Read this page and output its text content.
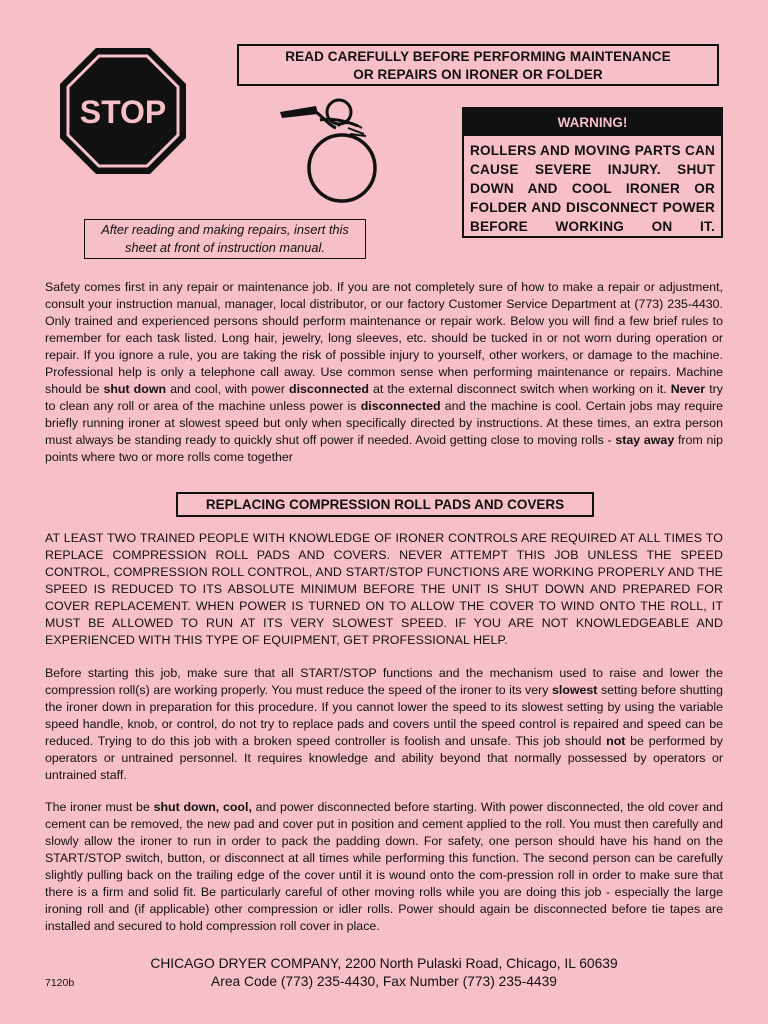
STOP
READ CAREFULLY BEFORE PERFORMING MAINTENANCE
OR REPAIRS ON IRONER OR FOLDER
WARNING!
ROLLERS AND MOVING PARTS CAN CAUSE SEVERE INJURY. SHUT DOWN AND COOL IRONER OR FOLDER AND DISCONNECT POWER BEFORE WORKING ON IT.
After reading and making repairs, insert this
sheet at front of instruction manual.

Safety comes first in any repair or maintenance job. If you are not completely sure of how to make a repair or adjustment, consult your instruction manual, manager, local distributor, or our factory Customer Service Department at (773) 235-4430. Only trained and experienced persons should perform maintenance or repair work. Below you will find a few brief rules to remember for each task listed. Long hair, jewelry, long sleeves, etc. should be tucked in or not worn during operation or repair. If you ignore a rule, you are taking the risk of possible injury to yourself, other workers, or damage to the machine. Professional help is only a telephone call away. Use common sense when performing maintenance or repairs. Machine should be shut down and cool, with power disconnected at the external disconnect switch when working on it. Never try to clean any roll or area of the machine unless power is disconnected and the machine is cool. Certain jobs may require briefly running ironer at slowest speed but only when specifically directed by instructions. At these times, an extra person must always be standing ready to quickly shut off power if needed. Avoid getting close to moving rolls - stay away from nip points where two or more rolls come together

REPLACING COMPRESSION ROLL PADS AND COVERS

AT LEAST TWO TRAINED PEOPLE WITH KNOWLEDGE OF IRONER CONTROLS ARE REQUIRED AT ALL TIMES TO REPLACE COMPRESSION ROLL PADS AND COVERS. NEVER ATTEMPT THIS JOB UNLESS THE SPEED CONTROL, COMPRESSION ROLL CONTROL, AND START/STOP FUNCTIONS ARE WORKING PROPERLY AND THE SPEED IS REDUCED TO ITS ABSOLUTE MINIMUM BEFORE THE UNIT IS SHUT DOWN AND PREPARED FOR COVER REPLACEMENT. WHEN POWER IS TURNED ON TO ALLOW THE COVER TO WIND ONTO THE ROLL, IT MUST BE ALLOWED TO RUN AT ITS VERY SLOWEST SPEED. IF YOU ARE NOT KNOWLEDGEABLE AND EXPERIENCED WITH THIS TYPE OF EQUIPMENT, GET PROFESSIONAL HELP.

Before starting this job, make sure that all START/STOP functions and the mechanism used to raise and lower the compression roll(s) are working properly. You must reduce the speed of the ironer to its very slowest setting before shutting the ironer down in preparation for this procedure. If you cannot lower the speed to its slowest setting by using the variable speed handle, knob, or control, do not try to replace pads and covers until the speed control is repaired and speed can be reduced. Trying to do this job with a broken speed controller is foolish and unsafe. This job should not be performed by operators or untrained personnel. It requires knowledge and ability beyond that normally possessed by operators or untrained staff.

The ironer must be shut down, cool, and power disconnected before starting. With power disconnected, the old cover and cement can be removed, the new pad and cover put in position and cement applied to the roll. You must then carefully and slowly allow the ironer to run in order to pack the padding down. For safety, one person should have his hand on the START/STOP switch, button, or disconnect at all times while performing this function. The second person can be carefully slightly pulling back on the trailing edge of the cover until it is wound onto the com-pression roll in order to make sure that there is a firm and solid fit. Be particularly careful of other moving rolls while you are doing this job - especially the large ironing roll and (if applicable) other compression or idler rolls. Power should again be disconnected before tie tapes are installed and secured to hold compression roll cover in place.

CHICAGO DRYER COMPANY, 2200 North Pulaski Road, Chicago, IL 60639
Area Code (773) 235-4430, Fax Number (773) 235-4439
7120b
